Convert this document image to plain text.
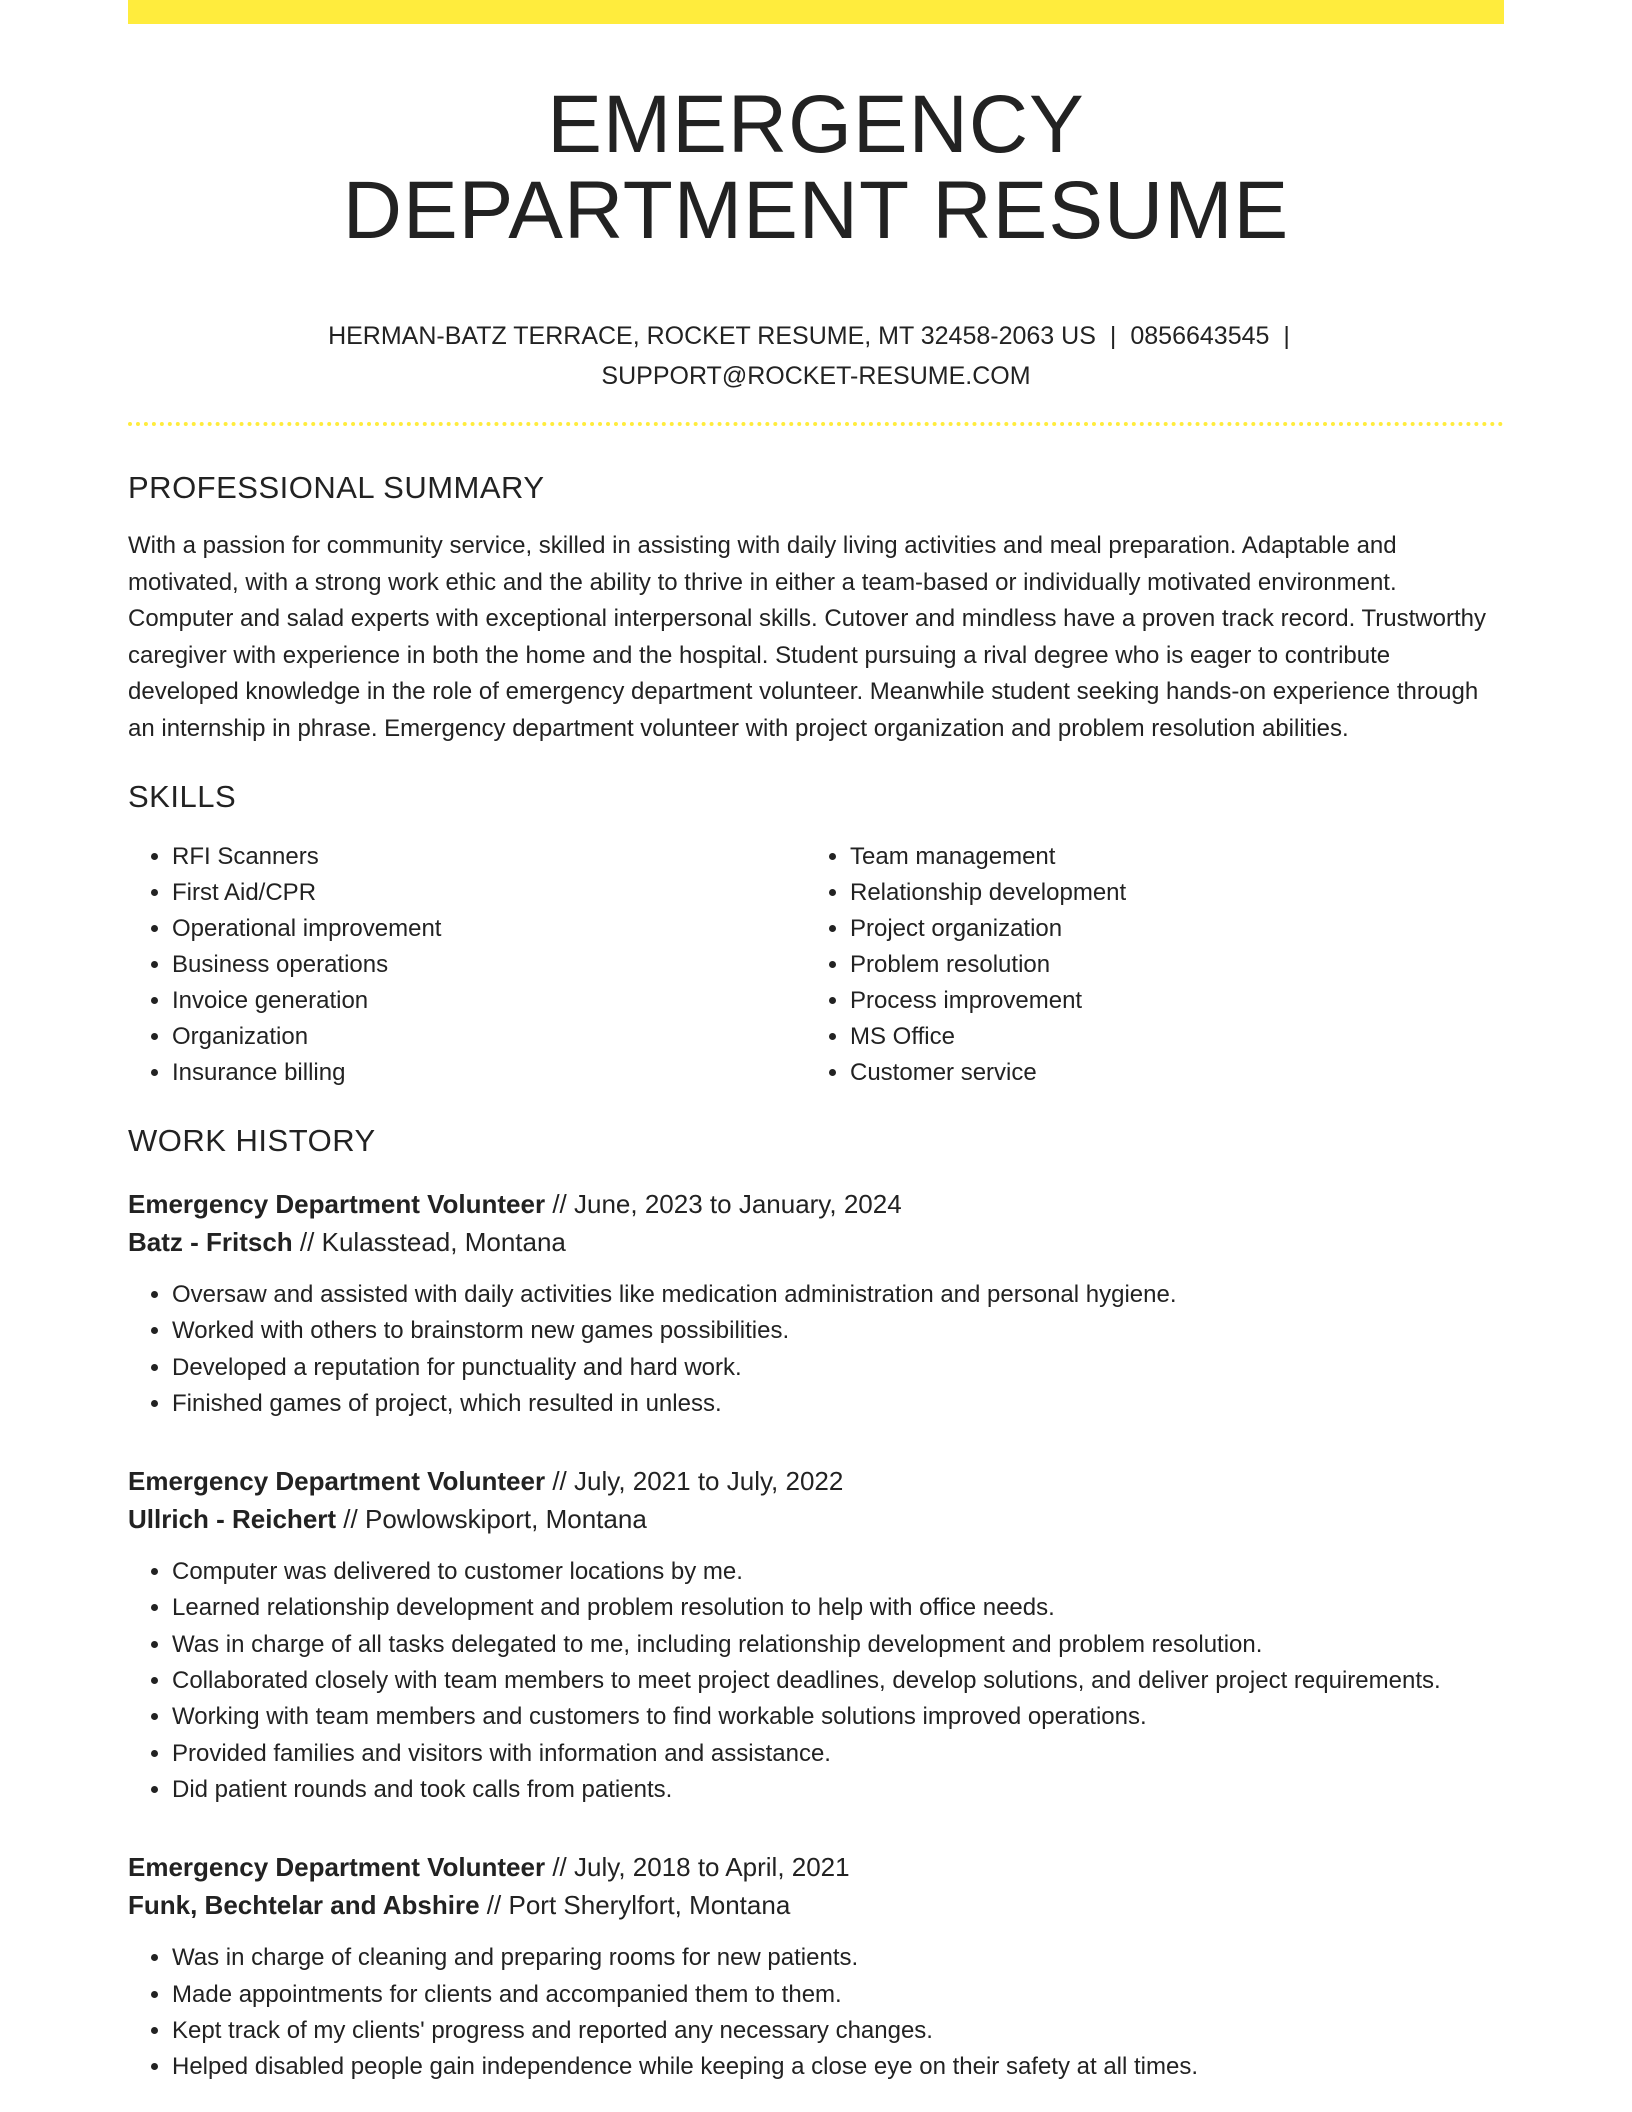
EMERGENCY
DEPARTMENT RESUME
HERMAN-BATZ TERRACE, ROCKET RESUME, MT 32458-2063 US | 0856643545 |
SUPPORT@ROCKET-RESUME.COM
PROFESSIONAL SUMMARY

With a passion for community service, skilled in assisting with daily living activities and meal preparation. Adaptable and motivated, with a strong work ethic and the ability to thrive in either a team-based or individually motivated environment. Computer and salad experts with exceptional interpersonal skills. Cutover and mindless have a proven track record. Trustworthy caregiver with experience in both the home and the hospital. Student pursuing a rival degree who is eager to contribute developed knowledge in the role of emergency department volunteer. Meanwhile student seeking hands-on experience through an internship in phrase. Emergency department volunteer with project organization and problem resolution abilities.

SKILLS
• RFI Scanners
• First Aid/CPR
• Operational improvement
• Business operations
• Invoice generation
• Organization
• Insurance billing
• Team management
• Relationship development
• Project organization
• Problem resolution
• Process improvement
• MS Office
• Customer service
WORK HISTORY
Emergency Department Volunteer // June, 2023 to January, 2024
Batz - Fritsch // Kulasstead, Montana
• Oversaw and assisted with daily activities like medication administration and personal hygiene.
• Worked with others to brainstorm new games possibilities.
• Developed a reputation for punctuality and hard work.
• Finished games of project, which resulted in unless.
Emergency Department Volunteer // July, 2021 to July, 2022
Ullrich - Reichert // Powlowskiport, Montana
• Computer was delivered to customer locations by me.
• Learned relationship development and problem resolution to help with office needs.
• Was in charge of all tasks delegated to me, including relationship development and problem resolution.
• Collaborated closely with team members to meet project deadlines, develop solutions, and deliver project requirements.
• Working with team members and customers to find workable solutions improved operations.
• Provided families and visitors with information and assistance.
• Did patient rounds and took calls from patients.
Emergency Department Volunteer // July, 2018 to April, 2021
Funk, Bechtelar and Abshire // Port Sherylfort, Montana
• Was in charge of cleaning and preparing rooms for new patients.
• Made appointments for clients and accompanied them to them.
• Kept track of my clients' progress and reported any necessary changes.
• Helped disabled people gain independence while keeping a close eye on their safety at all times.
